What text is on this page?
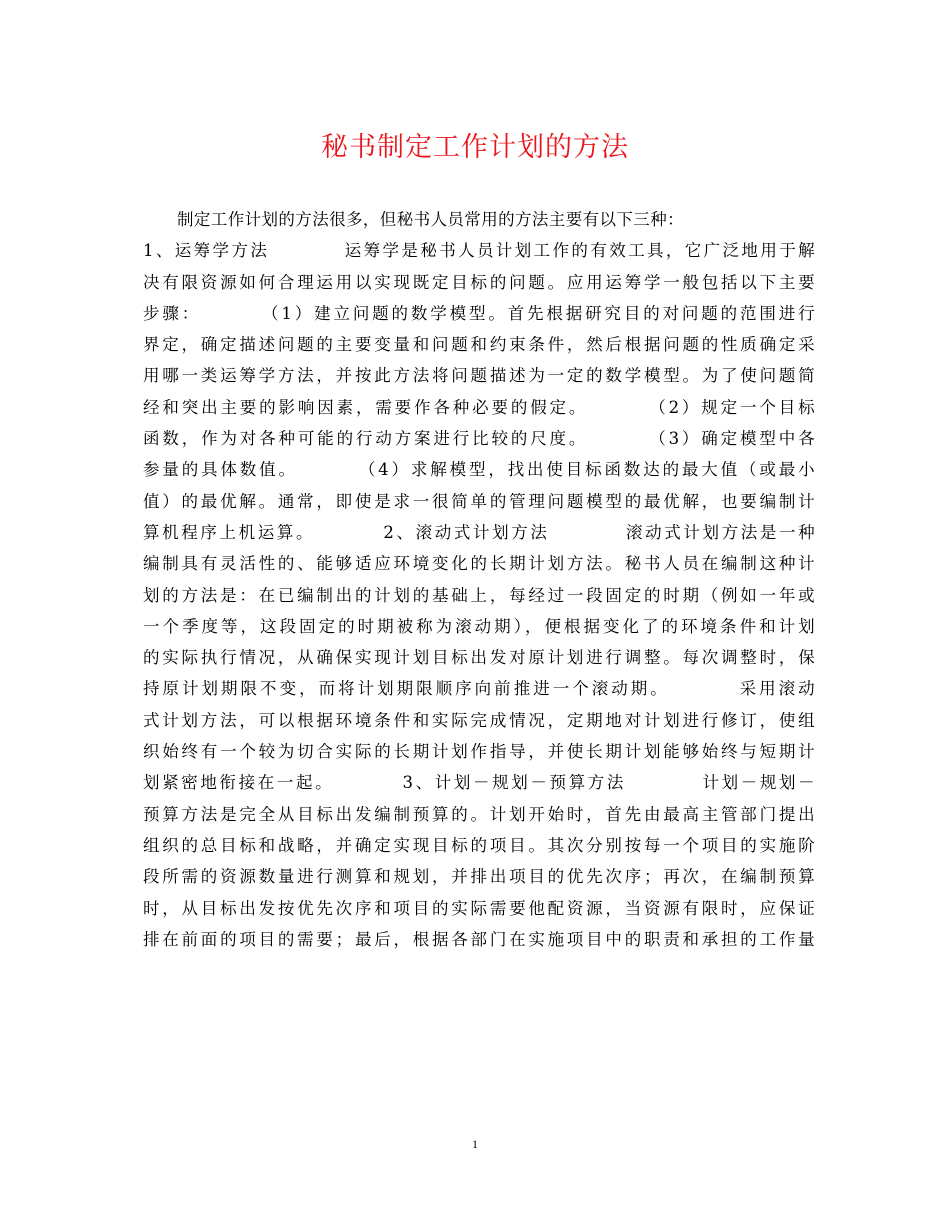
秘书制定工作计划的方法
制定工作计划的方法很多，但秘书人员常用的方法主要有以下三种：
1、运筹学方法　　　　运筹学是秘书人员计划工作的有效工具，它广泛地用于解
决有限资源如何合理运用以实现既定目标的问题。应用运筹学一般包括以下主要
步骤：　　　　（1）建立问题的数学模型。首先根据研究目的对问题的范围进行
界定，确定描述问题的主要变量和问题和约束条件，然后根据问题的性质确定采
用哪一类运筹学方法，并按此方法将问题描述为一定的数学模型。为了使问题简
经和突出主要的影响因素，需要作各种必要的假定。　　　　（2）规定一个目标
函数，作为对各种可能的行动方案进行比较的尺度。　　　　（3）确定模型中各
参量的具体数值。　　　　（4）求解模型，找出使目标函数达的最大值（或最小
值）的最优解。通常，即使是求一很简单的管理问题模型的最优解，也要编制计
算机程序上机运算。　　　　2、滚动式计划方法　　　　滚动式计划方法是一种
编制具有灵活性的、能够适应环境变化的长期计划方法。秘书人员在编制这种计
划的方法是：在已编制出的计划的基础上，每经过一段固定的时期（例如一年或
一个季度等，这段固定的时期被称为滚动期），便根据变化了的环境条件和计划
的实际执行情况，从确保实现计划目标出发对原计划进行调整。每次调整时，保
持原计划期限不变，而将计划期限顺序向前推进一个滚动期。　　　　采用滚动
式计划方法，可以根据环境条件和实际完成情况，定期地对计划进行修订，使组
织始终有一个较为切合实际的长期计划作指导，并使长期计划能够始终与短期计
划紧密地衔接在一起。　　　　3、计划－规划－预算方法　　　　计划－规划－
预算方法是完全从目标出发编制预算的。计划开始时，首先由最高主管部门提出
组织的总目标和战略，并确定实现目标的项目。其次分别按每一个项目的实施阶
段所需的资源数量进行测算和规划，并排出项目的优先次序；再次，在编制预算
时，从目标出发按优先次序和项目的实际需要他配资源，当资源有限时，应保证
排在前面的项目的需要；最后，根据各部门在实施项目中的职责和承担的工作量
1
